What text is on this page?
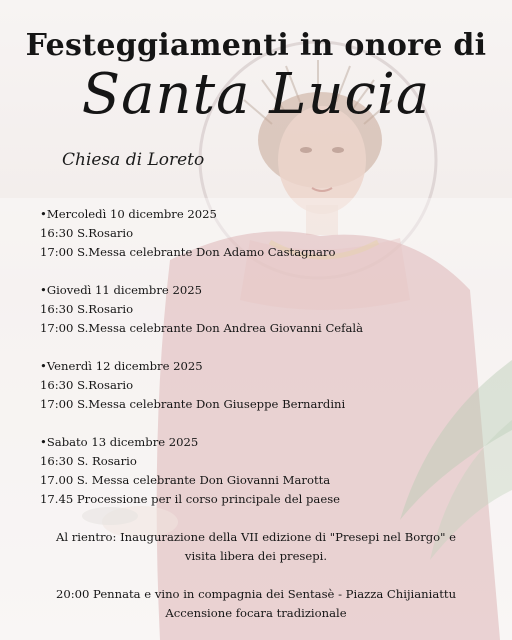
Festeggiamenti in onore di
Santa Lucia
Chiesa di Loreto
•Mercoledì 10 dicembre 2025
16:30 S.Rosario
17:00 S.Messa celebrante Don Adamo Castagnaro
•Giovedì 11 dicembre 2025
16:30 S.Rosario
17:00 S.Messa celebrante Don Andrea Giovanni Cefalà
•Venerdì 12 dicembre 2025
16:30 S.Rosario
17:00 S.Messa celebrante Don Giuseppe Bernardini
•Sabato 13 dicembre 2025
16:30 S. Rosario
17.00 S. Messa celebrante Don Giovanni Marotta
17.45 Processione per il corso principale del paese

Al rientro: Inaugurazione della VII edizione di "Presepi nel Borgo" e

visita libera dei presepi.

20:00 Pennata e vino in compagnia dei Sentasè - Piazza Chijianiattu

Accensione focara tradizionale
